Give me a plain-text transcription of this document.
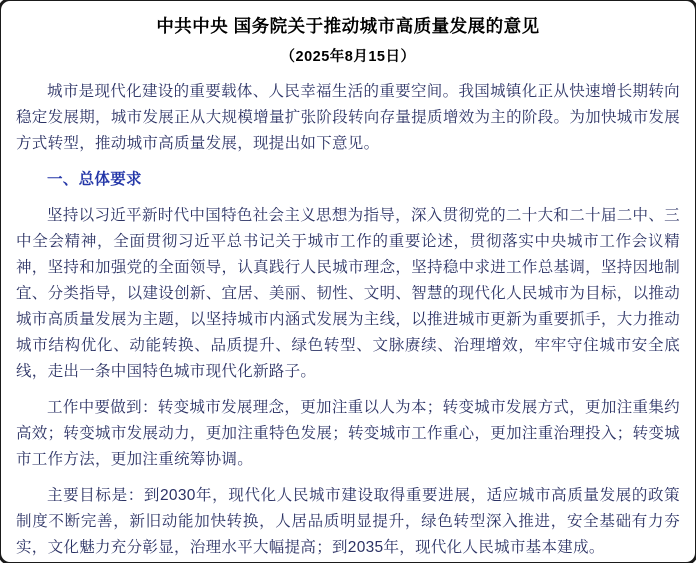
中共中央 国务院关于推动城市高质量发展的意见
（2025年8月15日）

城市是现代化建设的重要载体、人民幸福生活的重要空间。我国城镇化正从快速增长期转向稳定发展期，城市发展正从大规模增量扩张阶段转向存量提质增效为主的阶段。为加快城市发展方式转型，推动城市高质量发展，现提出如下意见。

一、总体要求

坚持以习近平新时代中国特色社会主义思想为指导，深入贯彻党的二十大和二十届二中、三中全会精神，全面贯彻习近平总书记关于城市工作的重要论述，贯彻落实中央城市工作会议精神，坚持和加强党的全面领导，认真践行人民城市理念，坚持稳中求进工作总基调，坚持因地制宜、分类指导，以建设创新、宜居、美丽、韧性、文明、智慧的现代化人民城市为目标，以推动城市高质量发展为主题，以坚持城市内涵式发展为主线，以推进城市更新为重要抓手，大力推动城市结构优化、动能转换、品质提升、绿色转型、文脉赓续、治理增效，牢牢守住城市安全底线，走出一条中国特色城市现代化新路子。

工作中要做到：转变城市发展理念，更加注重以人为本；转变城市发展方式，更加注重集约高效；转变城市发展动力，更加注重特色发展；转变城市工作重心，更加注重治理投入；转变城市工作方法，更加注重统筹协调。

主要目标是：到2030年，现代化人民城市建设取得重要进展，适应城市高质量发展的政策制度不断完善，新旧动能加快转换，人居品质明显提升，绿色转型深入推进，安全基础有力夯实，文化魅力充分彰显，治理水平大幅提高；到2035年，现代化人民城市基本建成。
